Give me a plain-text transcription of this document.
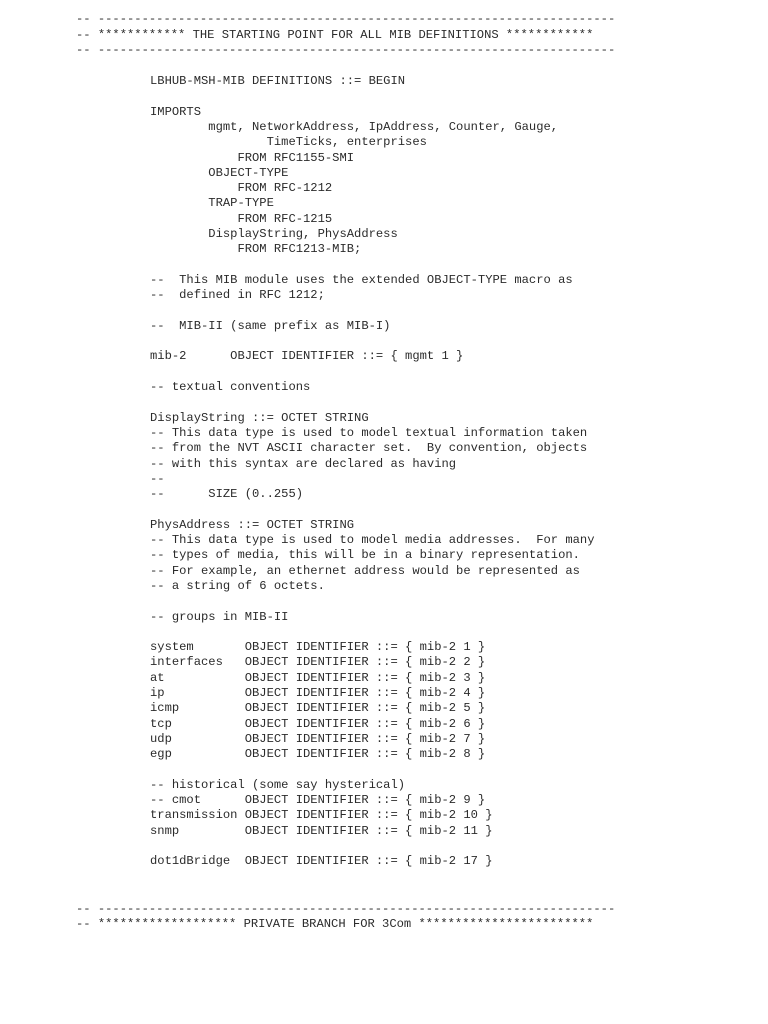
-- -----------------------------------------------------------------------
-- ************ THE STARTING POINT FOR ALL MIB DEFINITIONS ************
-- -----------------------------------------------------------------------
LBHUB-MSH-MIB DEFINITIONS ::= BEGIN
IMPORTS
mgmt, NetworkAddress, IpAddress, Counter, Gauge,
TimeTicks, enterprises
FROM RFC1155-SMI
OBJECT-TYPE
FROM RFC-1212
TRAP-TYPE
FROM RFC-1215
DisplayString, PhysAddress
FROM RFC1213-MIB;
--  This MIB module uses the extended OBJECT-TYPE macro as
--  defined in RFC 1212;
--  MIB-II (same prefix as MIB-I)
mib-2      OBJECT IDENTIFIER ::= { mgmt 1 }
-- textual conventions
DisplayString ::= OCTET STRING
-- This data type is used to model textual information taken
-- from the NVT ASCII character set.  By convention, objects
-- with this syntax are declared as having
--
--      SIZE (0..255)
PhysAddress ::= OCTET STRING
-- This data type is used to model media addresses.  For many
-- types of media, this will be in a binary representation.
-- For example, an ethernet address would be represented as
-- a string of 6 octets.
-- groups in MIB-II
system       OBJECT IDENTIFIER ::= { mib-2 1 }
interfaces   OBJECT IDENTIFIER ::= { mib-2 2 }
at           OBJECT IDENTIFIER ::= { mib-2 3 }
ip           OBJECT IDENTIFIER ::= { mib-2 4 }
icmp         OBJECT IDENTIFIER ::= { mib-2 5 }
tcp          OBJECT IDENTIFIER ::= { mib-2 6 }
udp          OBJECT IDENTIFIER ::= { mib-2 7 }
egp          OBJECT IDENTIFIER ::= { mib-2 8 }
-- historical (some say hysterical)
-- cmot      OBJECT IDENTIFIER ::= { mib-2 9 }
transmission OBJECT IDENTIFIER ::= { mib-2 10 }
snmp         OBJECT IDENTIFIER ::= { mib-2 11 }
dot1dBridge  OBJECT IDENTIFIER ::= { mib-2 17 }
-- -----------------------------------------------------------------------
-- ******************* PRIVATE BRANCH FOR 3Com ************************
